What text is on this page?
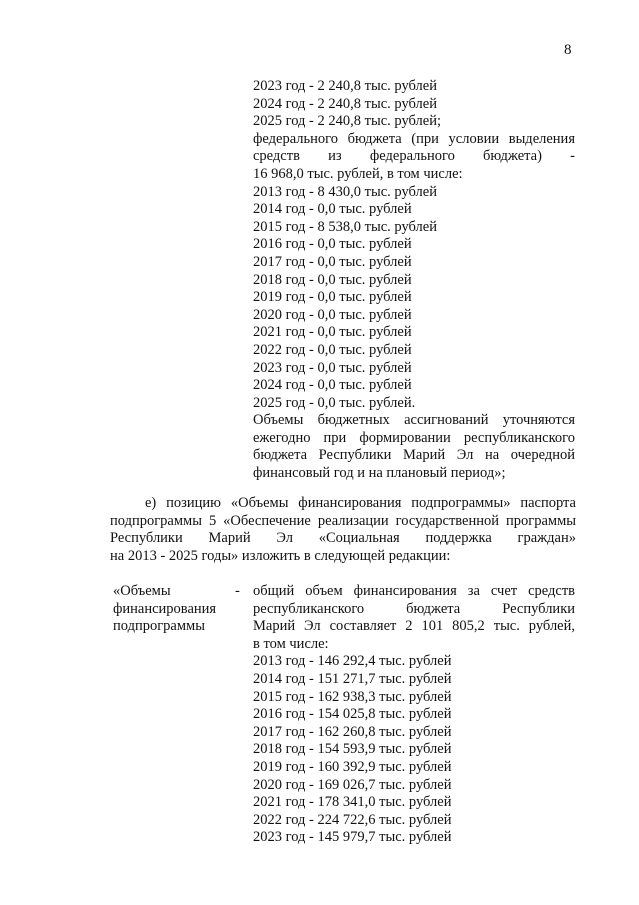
8
2023 год - 2 240,8 тыс. рублей
2024 год - 2 240,8 тыс. рублей
2025 год - 2 240,8 тыс. рублей;
федерального бюджета (при условии выделения
средств из федерального бюджета) -
16 968,0 тыс. рублей, в том числе:
2013 год - 8 430,0 тыс. рублей
2014 год - 0,0 тыс. рублей
2015 год - 8 538,0 тыс. рублей
2016 год - 0,0 тыс. рублей
2017 год - 0,0 тыс. рублей
2018 год - 0,0 тыс. рублей
2019 год - 0,0 тыс. рублей
2020 год - 0,0 тыс. рублей
2021 год - 0,0 тыс. рублей
2022 год - 0,0 тыс. рублей
2023 год - 0,0 тыс. рублей
2024 год - 0,0 тыс. рублей
2025 год - 0,0 тыс. рублей.
Объемы бюджетных ассигнований уточняются
ежегодно при формировании республиканского
бюджета Республики Марий Эл на очередной
финансовый год и на плановый период»;
е) позицию «Объемы финансирования подпрограммы» паспорта
подпрограммы 5 «Обеспечение реализации государственной программы
Республики Марий Эл «Социальная поддержка граждан»
на 2013 - 2025 годы» изложить в следующей редакции:
«Объемы
финансирования
подпрограммы
- общий объем финансирования за счет средств
республиканского бюджета Республики
Марий Эл составляет 2 101 805,2 тыс. рублей,
в том числе:
2013 год - 146 292,4 тыс. рублей
2014 год - 151 271,7 тыс. рублей
2015 год - 162 938,3 тыс. рублей
2016 год - 154 025,8 тыс. рублей
2017 год - 162 260,8 тыс. рублей
2018 год - 154 593,9 тыс. рублей
2019 год - 160 392,9 тыс. рублей
2020 год - 169 026,7 тыс. рублей
2021 год - 178 341,0 тыс. рублей
2022 год - 224 722,6 тыс. рублей
2023 год - 145 979,7 тыс. рублей
